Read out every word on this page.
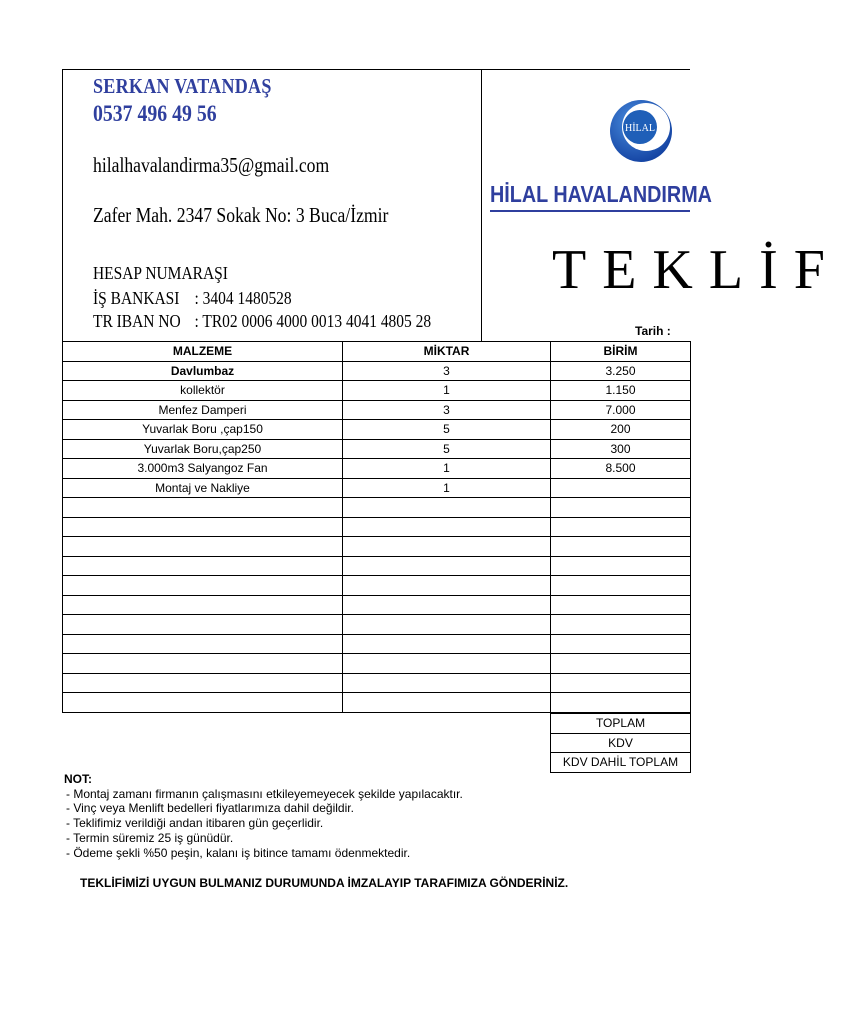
SERKAN VATANDAŞ
0537 496 49 56
hilalhavalandirma35@gmail.com
Zafer Mah. 2347 Sokak No: 3 Buca/İzmir
HESAP NUMARAŞI
İŞ BANKASI : 3404 1480528
TR IBAN NO : TR02 0006 4000 0013 4041 4805 28
HİLAL
HİLAL HAVALANDIRMA
TEKLİF
Tarih :
MALZEME	MİKTAR	BİRİM
Davlumbaz	3	3.250
kollektör	1	1.150
Menfez Damperi	3	7.000
Yuvarlak Boru ,çap150	5	200
Yuvarlak Boru,çap250	5	300
3.000m3 Salyangoz Fan	1	8.500
Montaj ve Nakliye	1	

TOPLAM
KDV
KDV DAHİL TOPLAM
NOT:
- Montaj zamanı firmanın çalışmasını etkileyemeyecek şekilde yapılacaktır.
- Vinç veya Menlift bedelleri fiyatlarımıza dahil değildir.
- Teklifimiz verildiği andan itibaren gün geçerlidir.
- Termin süremiz 25 iş günüdür.
- Ödeme şekli %50 peşin, kalanı iş bitince tamamı ödenmektedir.
TEKLİFİMİZİ UYGUN BULMANIZ DURUMUNDA İMZALAYIP TARAFIMIZA GÖNDERİNİZ.
